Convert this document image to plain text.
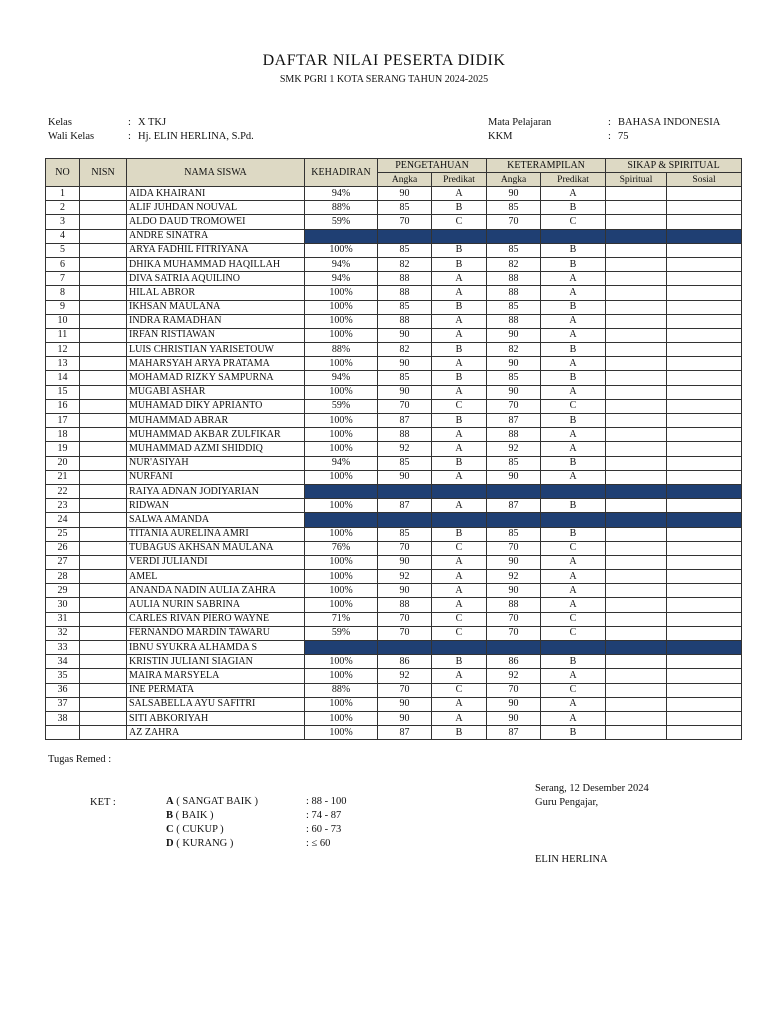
DAFTAR NILAI PESERTA DIDIK
SMK PGRI 1 KOTA SERANG TAHUN 2024-2025
Kelas	: X TKJ
Wali Kelas	: Hj. ELIN HERLINA, S.Pd.
Mata Pelajaran	: BAHASA INDONESIA
KKM	: 75
NO	NISN	NAMA SISWA	KEHADIRAN	PENGETAHUAN		KETERAMPILAN		SIKAP & SPIRITUAL	
				Angka	Predikat	Angka	Predikat	Spiritual	Sosial
1		AIDA KHAIRANI	94%	90	A	90	A		
2		ALIF JUHDAN NOUVAL	88%	85	B	85	B		
3		ALDO DAUD TROMOWEI	59%	70	C	70	C		
4		ANDRE SINATRA							
5		ARYA FADHIL FITRIYANA	100%	85	B	85	B		
6		DHIKA MUHAMMAD HAQILLAH	94%	82	B	82	B		
7		DIVA SATRIA AQUILINO	94%	88	A	88	A		
8		HILAL ABROR	100%	88	A	88	A		
9		IKHSAN MAULANA	100%	85	B	85	B		
10		INDRA RAMADHAN	100%	88	A	88	A		
11		IRFAN RISTIAWAN	100%	90	A	90	A		
12		LUIS CHRISTIAN YARISETOUW	88%	82	B	82	B		
13		MAHARSYAH ARYA PRATAMA	100%	90	A	90	A		
14		MOHAMAD RIZKY SAMPURNA	94%	85	B	85	B		
15		MUGABI ASHAR	100%	90	A	90	A		
16		MUHAMAD DIKY APRIANTO	59%	70	C	70	C		
17		MUHAMMAD ABRAR	100%	87	B	87	B		
18		MUHAMMAD AKBAR ZULFIKAR	100%	88	A	88	A		
19		MUHAMMAD AZMI SHIDDIQ	100%	92	A	92	A		
20		NUR'ASIYAH	94%	85	B	85	B		
21		NURFANI	100%	90	A	90	A		
22		RAIYA ADNAN JODIYARIAN							
23		RIDWAN	100%	87	A	87	B		
24		SALWA AMANDA							
25		TITANIA AURELINA AMRI	100%	85	B	85	B		
26		TUBAGUS AKHSAN MAULANA	76%	70	C	70	C		
27		VERDI JULIANDI	100%	90	A	90	A		
28		AMEL	100%	92	A	92	A		
29		ANANDA NADIN AULIA ZAHRA	100%	90	A	90	A		
30		AULIA NURIN SABRINA	100%	88	A	88	A		
31		CARLES RIVAN PIERO WAYNE	71%	70	C	70	C		
32		FERNANDO MARDIN TAWARU	59%	70	C	70	C		
33		IBNU SYUKRA ALHAMDA S							
34		KRISTIN JULIANI SIAGIAN	100%	86	B	86	B		
35		MAIRA MARSYELA	100%	92	A	92	A		
36		INE PERMATA	88%	70	C	70	C		
37		SALSABELLA AYU SAFITRI	100%	90	A	90	A		
38		SITI ABKORIYAH	100%	90	A	90	A		
		AZ ZAHRA	100%	87	B	87	B		
Tugas Remed :
Serang, 12 Desember 2024
Guru Pengajar,
ELIN HERLINA
KET :	A ( SANGAT BAIK )	: 88 - 100
B ( BAIK )	: 74 - 87
C ( CUKUP )	: 60 - 73
D ( KURANG )	: ≤ 60
